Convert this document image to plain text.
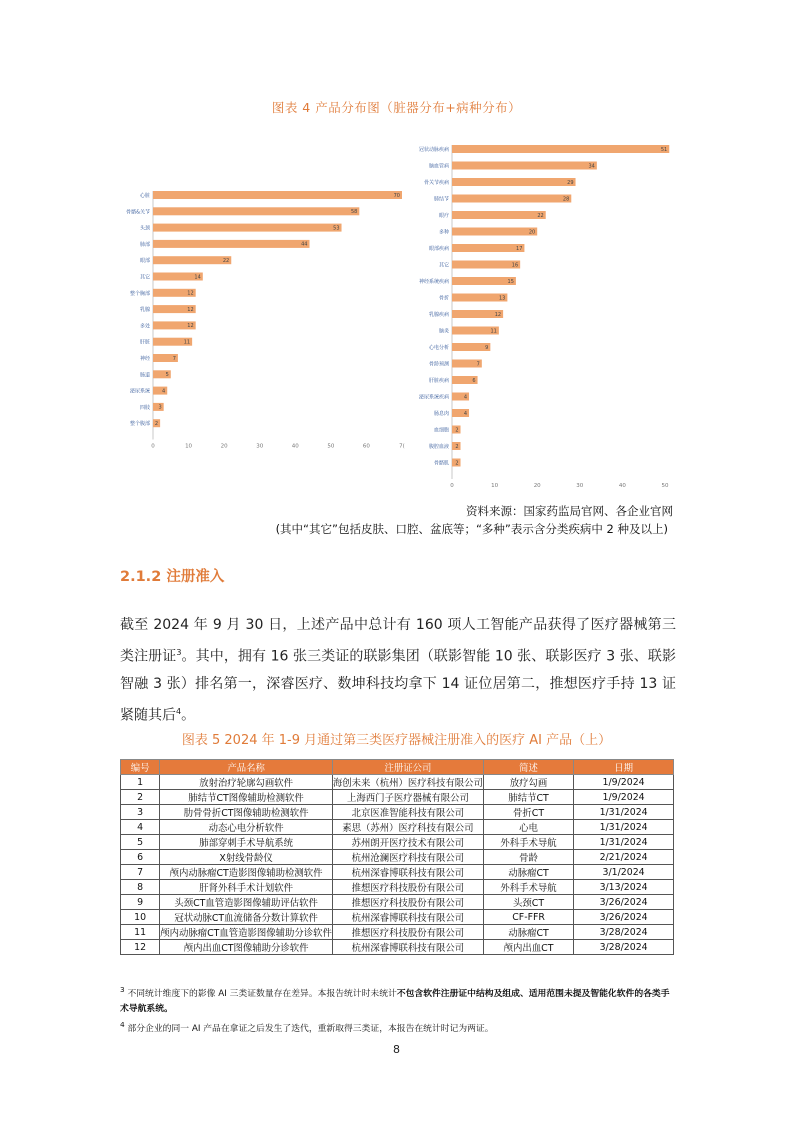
图表 4 产品分布图（脏器分布+病种分布）
心脏	70
骨骼&关节	58
头颈	53
肺部	44
眼部	22
其它	14
整个胸部	12
乳腺	12
多处	12
肝脏	11
神经	7
肠道	5
泌尿系统 4
四肢 3
整个腹部 2
0	10	20	30	40	50	60	7(
冠状动脉疾病	51
脑血管病	34
骨关节疾病	29
肺结节	28
眼疗	22
多种	20
眼部疾病	17
其它	16
神经系统疾病	15
骨折	13
乳腺疾病	12
脑炎	11
心电分析	9
骨龄预测	7
肝脏疾病	6
泌尿系统疾病	4
肠息肉	4
血细胞 2
腹腔血液 2
骨骼肌 2
0	10	20	30	40	50
资料来源：国家药监局官网、各企业官网
(其中“其它”包括皮肤、口腔、盆底等；“多种”表示含分类疾病中 2 种及以上)
2.1.2 注册准入
截至 2024 年 9 月 30 日，上述产品中总计有 160 项人工智能产品获得了医疗器械第三类注册证$^3$。其中，拥有 16 张三类证的联影集团（联影智能 10 张、联影医疗 3 张、联影智融 3 张）排名第一，深睿医疗、数坤科技均拿下 14 证位居第二，推想医疗手持 13 证紧随其后$^4$。
图表 5 2024 年 1-9 月通过第三类医疗器械注册准入的医疗 AI 产品（上）
编号	产品名称	注册证公司	简述	日期
1	放射治疗轮廓勾画软件	海创未来（杭州）医疗科技有限公司	放疗勾画	1/9/2024
2	肺结节CT图像辅助检测软件	上海西门子医疗器械有限公司	肺结节CT	1/9/2024
3	肋骨骨折CT图像辅助检测软件	北京医准智能科技有限公司	骨折CT	1/31/2024
4	动态心电分析软件	素思（苏州）医疗科技有限公司	心电	1/31/2024
5	肺部穿刺手术导航系统	苏州朗开医疗技术有限公司	外科手术导航	1/31/2024
6	X射线骨龄仪	杭州沧澜医疗科技有限公司	骨龄	2/21/2024
7	颅内动脉瘤CT造影图像辅助检测软件	杭州深睿博联科技有限公司	动脉瘤CT	3/1/2024
8	肝肾外科手术计划软件	推想医疗科技股份有限公司	外科手术导航	3/13/2024
9	头颈CT血管造影图像辅助评估软件	推想医疗科技股份有限公司	头颈CT	3/26/2024
10	冠状动脉CT血流储备分数计算软件	杭州深睿博联科技有限公司	CF-FFR	3/26/2024
11	颅内动脉瘤CT血管造影图像辅助分诊软件	推想医疗科技股份有限公司	动脉瘤CT	3/28/2024
12	颅内出血CT图像辅助分诊软件	杭州深睿博联科技有限公司	颅内出血CT	3/28/2024
$^3$ 不同统计维度下的影像 AI 三类证数量存在差异。本报告统计时未统计不包含软件注册证中结构及组成、适用范围未提及智能化软件的各类手术导航系统。
$^4$ 部分企业的同一 AI 产品在拿证之后发生了迭代，重新取得三类证，本报告在统计时记为两证。
8
